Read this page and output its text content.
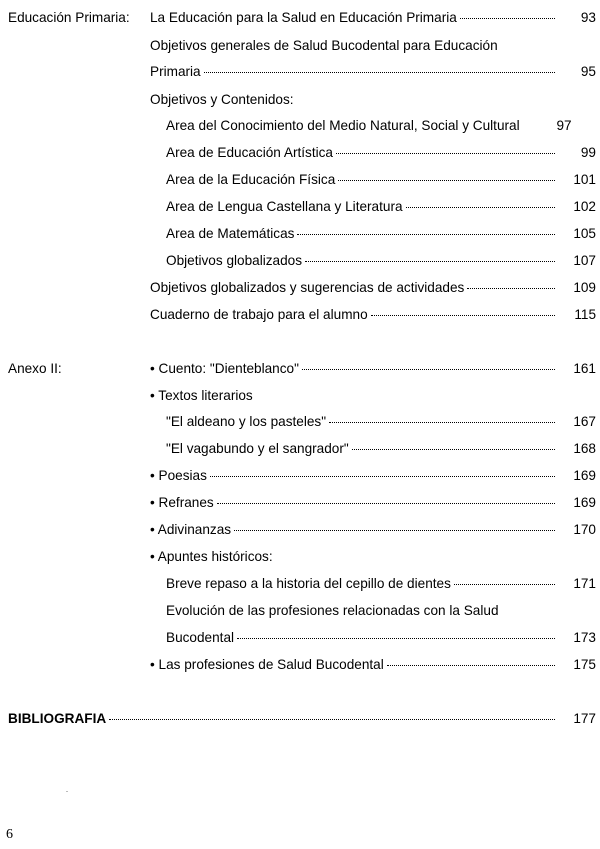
Educación Primaria: La Educación para la Salud en Educación Primaria	93
Objetivos generales de Salud Bucodental para Educación
Primaria	95
Objetivos y Contenidos:
Area del Conocimiento del Medio Natural, Social y Cultural	97
Area de Educación Artística	99
Area de la Educación Física	101
Area de Lengua Castellana y Literatura	102
Area de Matemáticas	105
Objetivos globalizados	107
Objetivos globalizados y sugerencias de actividades	109
Cuaderno de trabajo para el alumno	115
Anexo II:	• Cuento: "Dienteblanco"	161
• Textos literarios
"El aldeano y los pasteles"	167
"El vagabundo y el sangrador"	168
• Poesias	169
• Refranes	169
• Adivinanzas	170
• Apuntes históricos:
Breve repaso a la historia del cepillo de dientes	171
Evolución de las profesiones relacionadas con la Salud
Bucodental	173
• Las profesiones de Salud Bucodental	175
BIBLIOGRAFIA	177
6
